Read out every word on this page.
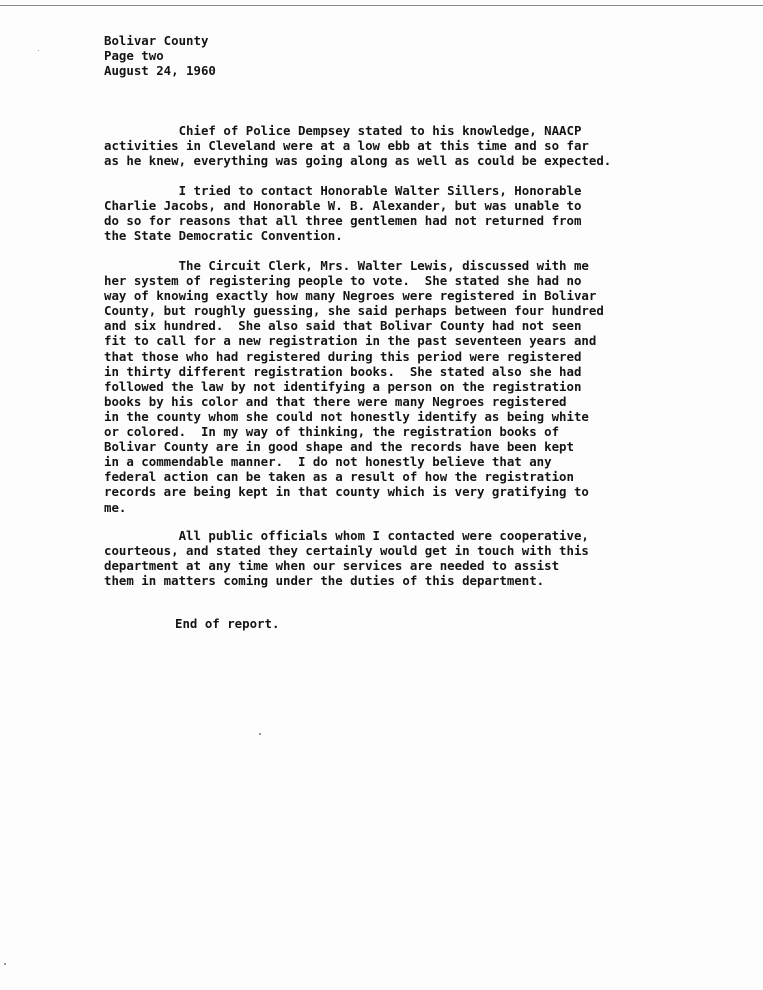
Bolivar County
Page two
August 24, 1960
Chief of Police Dempsey stated to his knowledge, NAACP
activities in Cleveland were at a low ebb at this time and so far
as he knew, everything was going along as well as could be expected.
I tried to contact Honorable Walter Sillers, Honorable
Charlie Jacobs, and Honorable W. B. Alexander, but was unable to
do so for reasons that all three gentlemen had not returned from
the State Democratic Convention.
The Circuit Clerk, Mrs. Walter Lewis, discussed with me
her system of registering people to vote.  She stated she had no
way of knowing exactly how many Negroes were registered in Bolivar
County, but roughly guessing, she said perhaps between four hundred
and six hundred.  She also said that Bolivar County had not seen
fit to call for a new registration in the past seventeen years and
that those who had registered during this period were registered
in thirty different registration books.  She stated also she had
followed the law by not identifying a person on the registration
books by his color and that there were many Negroes registered
in the county whom she could not honestly identify as being white
or colored.  In my way of thinking, the registration books of
Bolivar County are in good shape and the records have been kept
in a commendable manner.  I do not honestly believe that any
federal action can be taken as a result of how the registration
records are being kept in that county which is very gratifying to
me.
All public officials whom I contacted were cooperative,
courteous, and stated they certainly would get in touch with this
department at any time when our services are needed to assist
them in matters coming under the duties of this department.
End of report.
